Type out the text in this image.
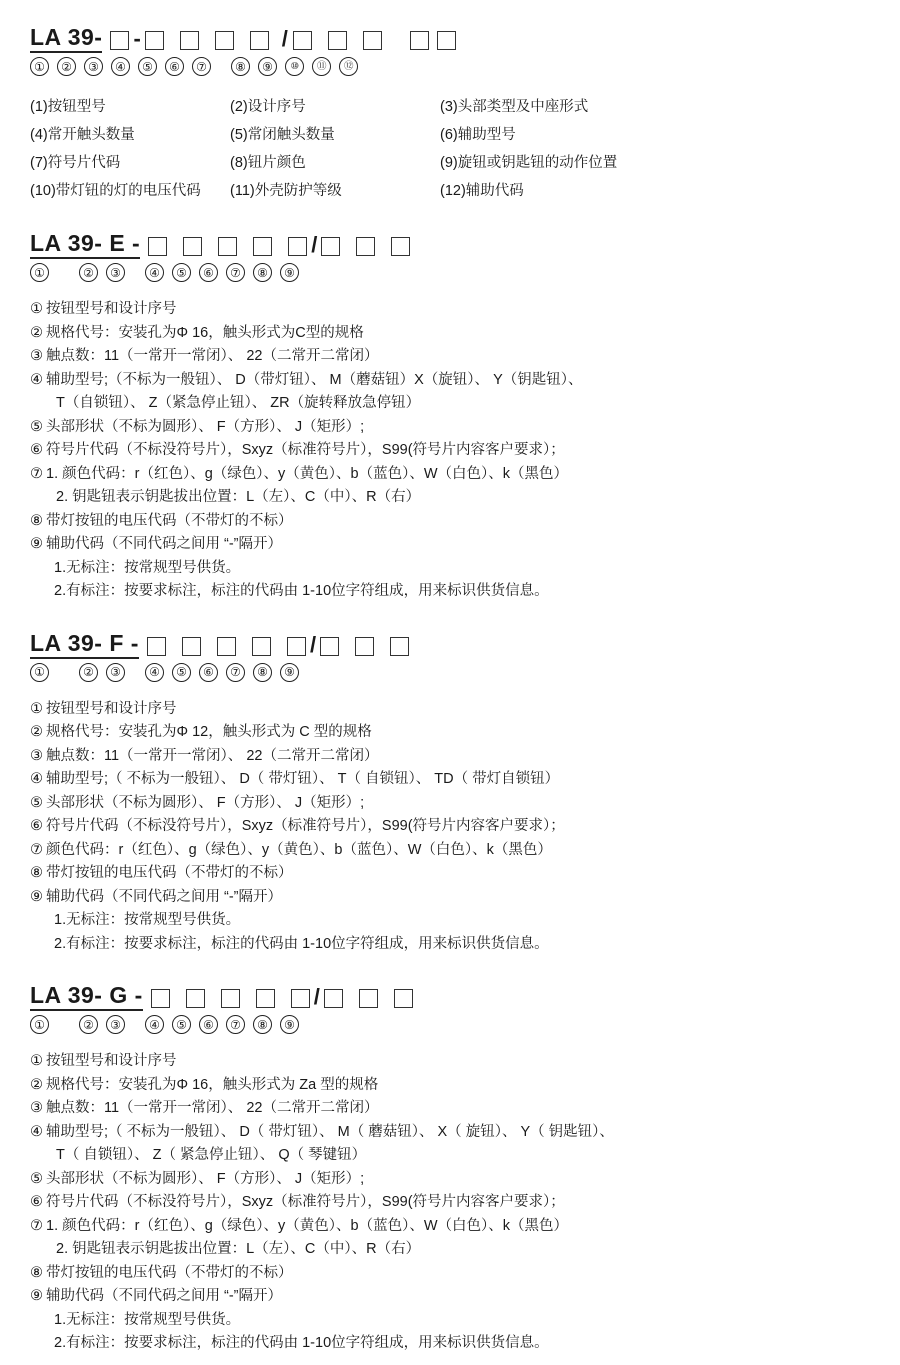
LA 39- -	/
①	②	③	④	⑤	⑥	⑦	⑧	⑨	⑩	⑪	⑫
(1)按钮型号	(2)设计序号	(3)头部类型及中座形式
(4)常开触头数量	(5)常闭触头数量	(6)辅助型号
(7)符号片代码	(8)钮片颜色	(9)旋钮或钥匙钮的动作位置
(10)带灯钮的灯的电压代码	(11)外壳防护等级	(12)辅助代码
LA 39- E -	/
①	②	③	④	⑤	⑥	⑦	⑧	⑨
① 按钮型号和设计序号
② 规格代号：安装孔为Φ 16，触头形式为C型的规格
③ 触点数：11（一常开一常闭）、 22（二常开二常闭）
④ 辅助型号;（不标为一般钮）、 D（带灯钮）、 M（蘑菇钮）X（旋钮）、 Y（钥匙钮）、
T（自锁钮）、 Z（紧急停止钮）、 ZR（旋转释放急停钮）
⑤ 头部形状（不标为圆形）、 F（方形）、 J（矩形）;
⑥ 符号片代码（不标没符号片），Sxyz（标准符号片），S99(符号片内容客户要求）；
⑦ 1. 颜色代码：r（红色）、g（绿色）、y（黄色）、b（蓝色）、W（白色）、k（黑色）
2. 钥匙钮表示钥匙拔出位置：L（左）、C（中）、R（右）
⑧ 带灯按钮的电压代码（不带灯的不标）
⑨ 辅助代码（不同代码之间用 “-”隔开）
1.无标注：按常规型号供货。
2.有标注：按要求标注，标注的代码由 1-10位字符组成，用来标识供货信息。
LA 39- F -	/
①	②	③	④	⑤	⑥	⑦	⑧	⑨
① 按钮型号和设计序号
② 规格代号：安装孔为Φ 12，触头形式为 C 型的规格
③ 触点数：11（一常开一常闭）、 22（二常开二常闭）
④ 辅助型号;（ 不标为一般钮）、 D（ 带灯钮）、 T（ 自锁钮）、 TD（ 带灯自锁钮）
⑤ 头部形状（不标为圆形）、 F（方形）、 J（矩形）;
⑥ 符号片代码（不标没符号片），Sxyz（标准符号片），S99(符号片内容客户要求）；
⑦ 颜色代码：r（红色）、g（绿色）、y（黄色）、b（蓝色）、W（白色）、k（黑色）
⑧ 带灯按钮的电压代码（不带灯的不标）
⑨ 辅助代码（不同代码之间用 “-”隔开）
1.无标注：按常规型号供货。
2.有标注：按要求标注，标注的代码由 1-10位字符组成，用来标识供货信息。
LA 39- G -	/
①	②	③	④	⑤	⑥	⑦	⑧	⑨
① 按钮型号和设计序号
② 规格代号：安装孔为Φ 16，触头形式为 Za 型的规格
③ 触点数：11（一常开一常闭）、 22（二常开二常闭）
④ 辅助型号;（ 不标为一般钮）、 D（ 带灯钮）、 M（ 蘑菇钮）、 X（ 旋钮）、 Y（ 钥匙钮）、
T（ 自锁钮）、 Z（ 紧急停止钮）、 Q（ 琴键钮）
⑤ 头部形状（不标为圆形）、 F（方形）、 J（矩形）;
⑥ 符号片代码（不标没符号片），Sxyz（标准符号片），S99(符号片内容客户要求）；
⑦ 1. 颜色代码：r（红色）、g（绿色）、y（黄色）、b（蓝色）、W（白色）、k（黑色）
2. 钥匙钮表示钥匙拔出位置：L（左）、C（中）、R（右）
⑧ 带灯按钮的电压代码（不带灯的不标）
⑨ 辅助代码（不同代码之间用 “-”隔开）
1.无标注：按常规型号供货。
2.有标注：按要求标注，标注的代码由 1-10位字符组成，用来标识供货信息。
